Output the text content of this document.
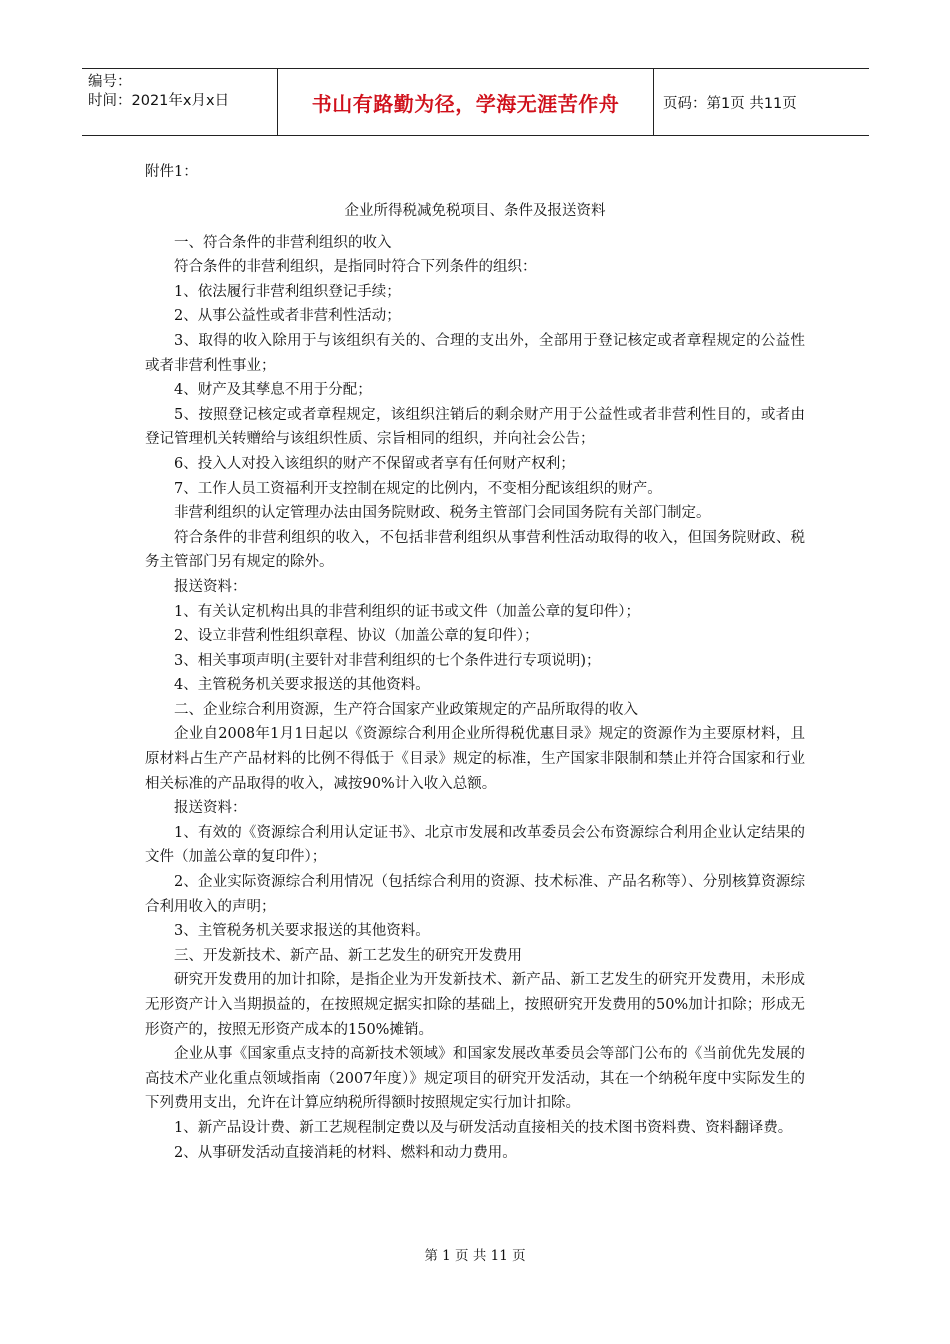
编号：
时间：2021年x月x日	书山有路勤为径，学海无涯苦作舟	页码：第1页 共11页
附件1：
企业所得税减免税项目、条件及报送资料
一、符合条件的非营利组织的收入
符合条件的非营利组织，是指同时符合下列条件的组织：
1、依法履行非营利组织登记手续；
2、从事公益性或者非营利性活动；
3、取得的收入除用于与该组织有关的、合理的支出外，全部用于登记核定或者章程规定的公益性或者非营利性事业；
4、财产及其孳息不用于分配；
5、按照登记核定或者章程规定，该组织注销后的剩余财产用于公益性或者非营利性目的，或者由登记管理机关转赠给与该组织性质、宗旨相同的组织，并向社会公告；
6、投入人对投入该组织的财产不保留或者享有任何财产权利；
7、工作人员工资福利开支控制在规定的比例内，不变相分配该组织的财产。
非营利组织的认定管理办法由国务院财政、税务主管部门会同国务院有关部门制定。
符合条件的非营利组织的收入，不包括非营利组织从事营利性活动取得的收入，但国务院财政、税务主管部门另有规定的除外。
报送资料：
1、有关认定机构出具的非营利组织的证书或文件（加盖公章的复印件）；
2、设立非营利性组织章程、协议（加盖公章的复印件）；
3、相关事项声明(主要针对非营利组织的七个条件进行专项说明)；
4、主管税务机关要求报送的其他资料。
二、企业综合利用资源，生产符合国家产业政策规定的产品所取得的收入
企业自2008年1月1日起以《资源综合利用企业所得税优惠目录》规定的资源作为主要原材料，且原材料占生产产品材料的比例不得低于《目录》规定的标准，生产国家非限制和禁止并符合国家和行业相关标准的产品取得的收入，减按90%计入收入总额。
报送资料：
1、有效的《资源综合利用认定证书》、北京市发展和改革委员会公布资源综合利用企业认定结果的文件（加盖公章的复印件）；
2、企业实际资源综合利用情况（包括综合利用的资源、技术标准、产品名称等）、分别核算资源综合利用收入的声明；
3、主管税务机关要求报送的其他资料。
三、开发新技术、新产品、新工艺发生的研究开发费用
研究开发费用的加计扣除，是指企业为开发新技术、新产品、新工艺发生的研究开发费用，未形成无形资产计入当期损益的，在按照规定据实扣除的基础上，按照研究开发费用的50%加计扣除；形成无形资产的，按照无形资产成本的150%摊销。
企业从事《国家重点支持的高新技术领域》和国家发展改革委员会等部门公布的《当前优先发展的高技术产业化重点领域指南（2007年度）》规定项目的研究开发活动，其在一个纳税年度中实际发生的下列费用支出，允许在计算应纳税所得额时按照规定实行加计扣除。
1、新产品设计费、新工艺规程制定费以及与研发活动直接相关的技术图书资料费、资料翻译费。
2、从事研发活动直接消耗的材料、燃料和动力费用。
第 1 页 共 11 页
